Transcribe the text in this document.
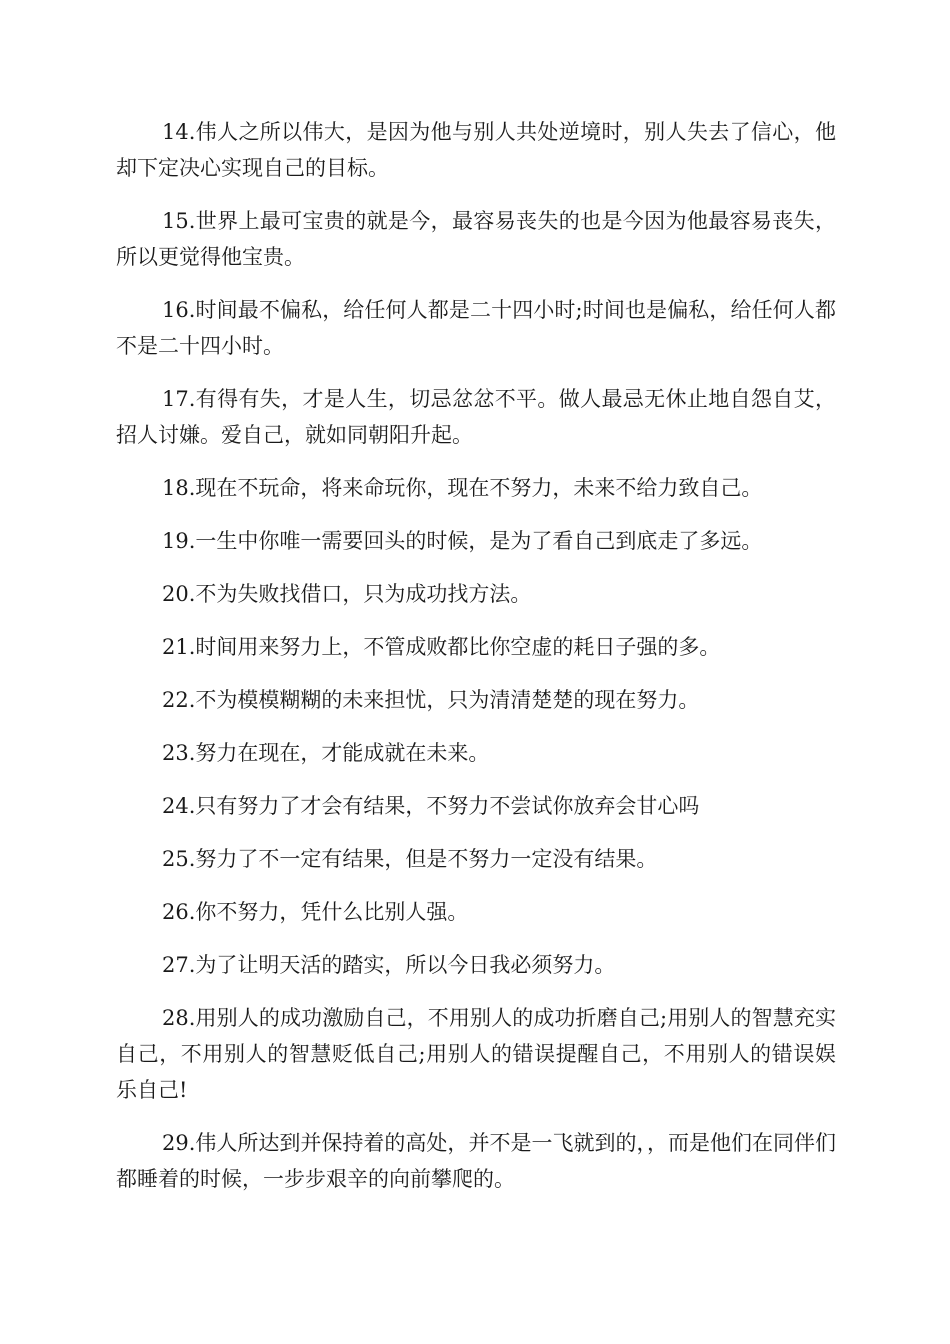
14.伟人之所以伟大，是因为他与别人共处逆境时，别人失去了信心，他却下定决心实现自己的目标。

15.世界上最可宝贵的就是今，最容易丧失的也是今因为他最容易丧失，所以更觉得他宝贵。

16.时间最不偏私，给任何人都是二十四小时;时间也是偏私，给任何人都不是二十四小时。

17.有得有失，才是人生，切忌忿忿不平。做人最忌无休止地自怨自艾，招人讨嫌。爱自己，就如同朝阳升起。

18.现在不玩命，将来命玩你，现在不努力，未来不给力致自己。

19.一生中你唯一需要回头的时候，是为了看自己到底走了多远。

20.不为失败找借口，只为成功找方法。

21.时间用来努力上，不管成败都比你空虚的耗日子强的多。

22.不为模模糊糊的未来担忧，只为清清楚楚的现在努力。

23.努力在现在，才能成就在未来。

24.只有努力了才会有结果，不努力不尝试你放弃会甘心吗

25.努力了不一定有结果，但是不努力一定没有结果。

26.你不努力，凭什么比别人强。

27.为了让明天活的踏实，所以今日我必须努力。

28.用别人的成功激励自己，不用别人的成功折磨自己;用别人的智慧充实自己，不用别人的智慧贬低自己;用别人的错误提醒自己，不用别人的错误娱乐自己!

29.伟人所达到并保持着的高处，并不是一飞就到的，，而是他们在同伴们都睡着的时候，一步步艰辛的向前攀爬的。
